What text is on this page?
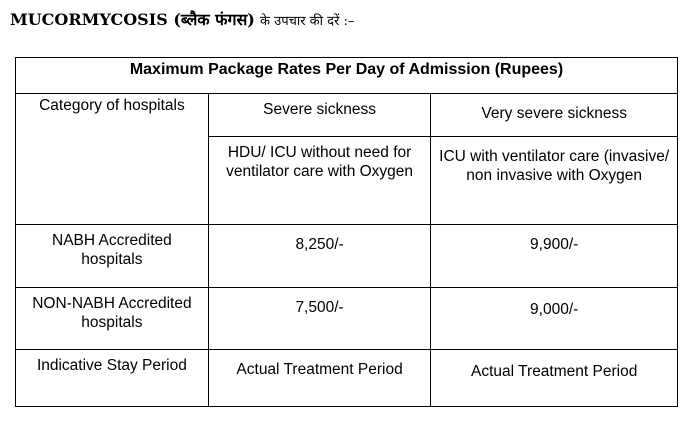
MUCORMYCOSIS (ब्लैक फंगस) के उपचार की दरें :–
Maximum Package Rates Per Day of Admission (Rupees)		
Category of hospitals	Severe sickness	Very severe sickness
	HDU/ ICU without need for ventilator care with Oxygen	ICU with ventilator care (invasive/ non invasive with Oxygen
NABH Accredited hospitals	8,250/-	9,900/-
NON-NABH Accredited hospitals	7,500/-	9,000/-
Indicative Stay Period	Actual Treatment Period	Actual Treatment Period
